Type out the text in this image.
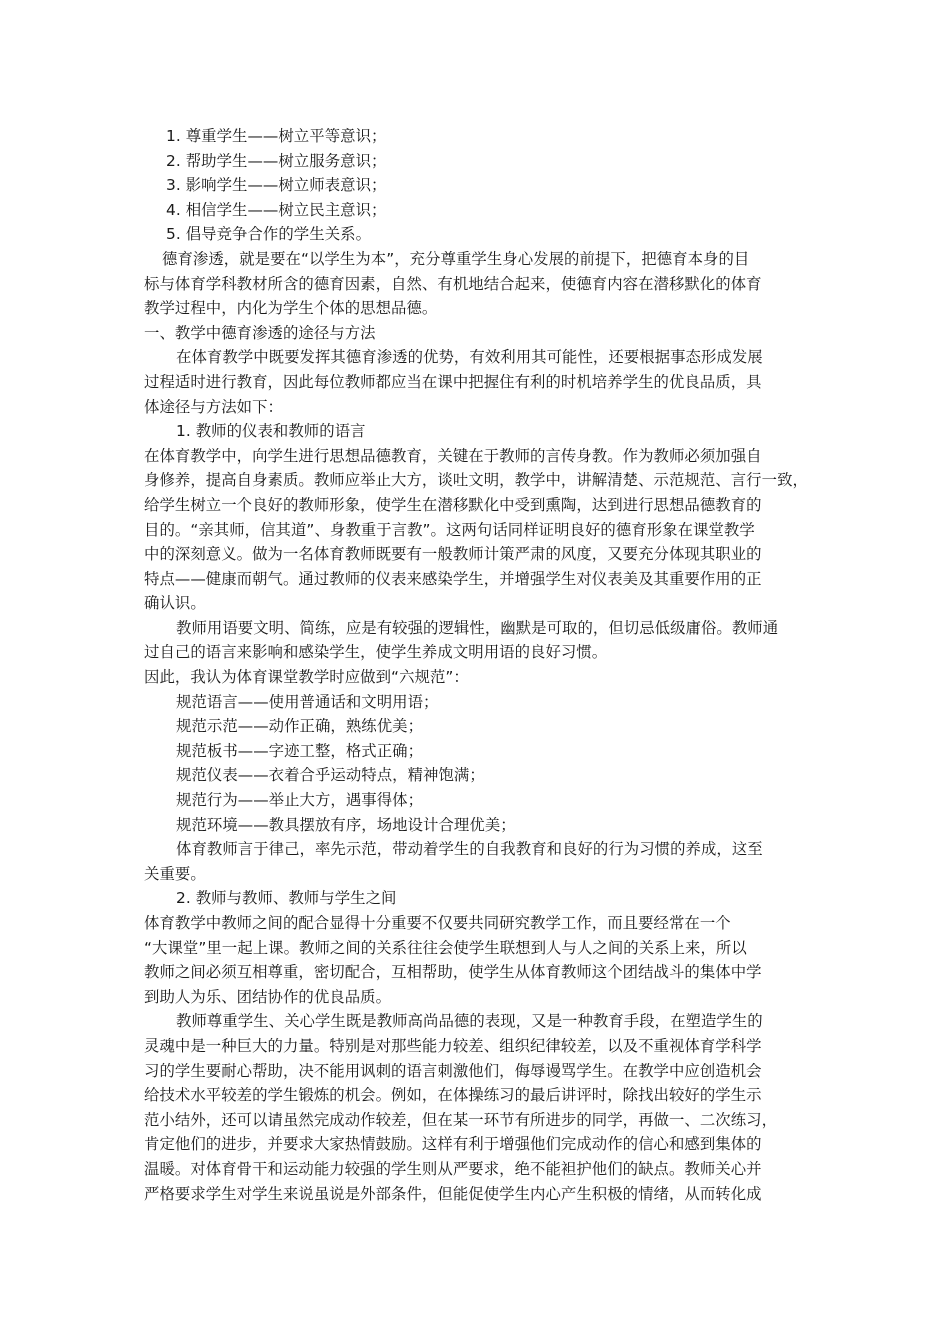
1. 尊重学生——树立平等意识；
2. 帮助学生——树立服务意识；
3. 影响学生——树立师表意识；
4. 相信学生——树立民主意识；
5. 倡导竞争合作的学生关系。
德育渗透，就是要在“以学生为本”，充分尊重学生身心发展的前提下，把德育本身的目
标与体育学科教材所含的德育因素，自然、有机地结合起来，使德育内容在潜移默化的体育
教学过程中，内化为学生个体的思想品德。
一、教学中德育渗透的途径与方法
在体育教学中既要发挥其德育渗透的优势，有效利用其可能性，还要根据事态形成发展
过程适时进行教育，因此每位教师都应当在课中把握住有利的时机培养学生的优良品质，具
体途径与方法如下：
1. 教师的仪表和教师的语言
在体育教学中，向学生进行思想品德教育，关键在于教师的言传身教。作为教师必须加强自
身修养，提高自身素质。教师应举止大方，谈吐文明，教学中，讲解清楚、示范规范、言行一致，
给学生树立一个良好的教师形象，使学生在潜移默化中受到熏陶，达到进行思想品德教育的
目的。“亲其师，信其道”、身教重于言教”。这两句话同样证明良好的德育形象在课堂教学
中的深刻意义。做为一名体育教师既要有一般教师计策严肃的风度，又要充分体现其职业的
特点——健康而朝气。通过教师的仪表来感染学生，并增强学生对仪表美及其重要作用的正
确认识。
教师用语要文明、简练，应是有较强的逻辑性，幽默是可取的，但切忌低级庸俗。教师通
过自己的语言来影响和感染学生，使学生养成文明用语的良好习惯。
因此，我认为体育课堂教学时应做到“六规范”：
规范语言——使用普通话和文明用语；
规范示范——动作正确，熟练优美；
规范板书——字迹工整，格式正确；
规范仪表——衣着合乎运动特点，精神饱满；
规范行为——举止大方，遇事得体；
规范环境——教具摆放有序，场地设计合理优美；
体育教师言于律己，率先示范，带动着学生的自我教育和良好的行为习惯的养成，这至
关重要。
2. 教师与教师、教师与学生之间
体育教学中教师之间的配合显得十分重要不仅要共同研究教学工作，而且要经常在一个
“大课堂”里一起上课。教师之间的关系往往会使学生联想到人与人之间的关系上来，所以
教师之间必须互相尊重，密切配合，互相帮助，使学生从体育教师这个团结战斗的集体中学
到助人为乐、团结协作的优良品质。
教师尊重学生、关心学生既是教师高尚品德的表现，又是一种教育手段，在塑造学生的
灵魂中是一种巨大的力量。特别是对那些能力较差、组织纪律较差，以及不重视体育学科学
习的学生要耐心帮助，决不能用讽刺的语言刺激他们，侮辱谩骂学生。在教学中应创造机会
给技术水平较差的学生锻炼的机会。例如，在体操练习的最后讲评时，除找出较好的学生示
范小结外，还可以请虽然完成动作较差，但在某一环节有所进步的同学，再做一、二次练习，
肯定他们的进步，并要求大家热情鼓励。这样有利于增强他们完成动作的信心和感到集体的
温暖。对体育骨干和运动能力较强的学生则从严要求，绝不能袒护他们的缺点。教师关心并
严格要求学生对学生来说虽说是外部条件，但能促使学生内心产生积极的情绪，从而转化成
